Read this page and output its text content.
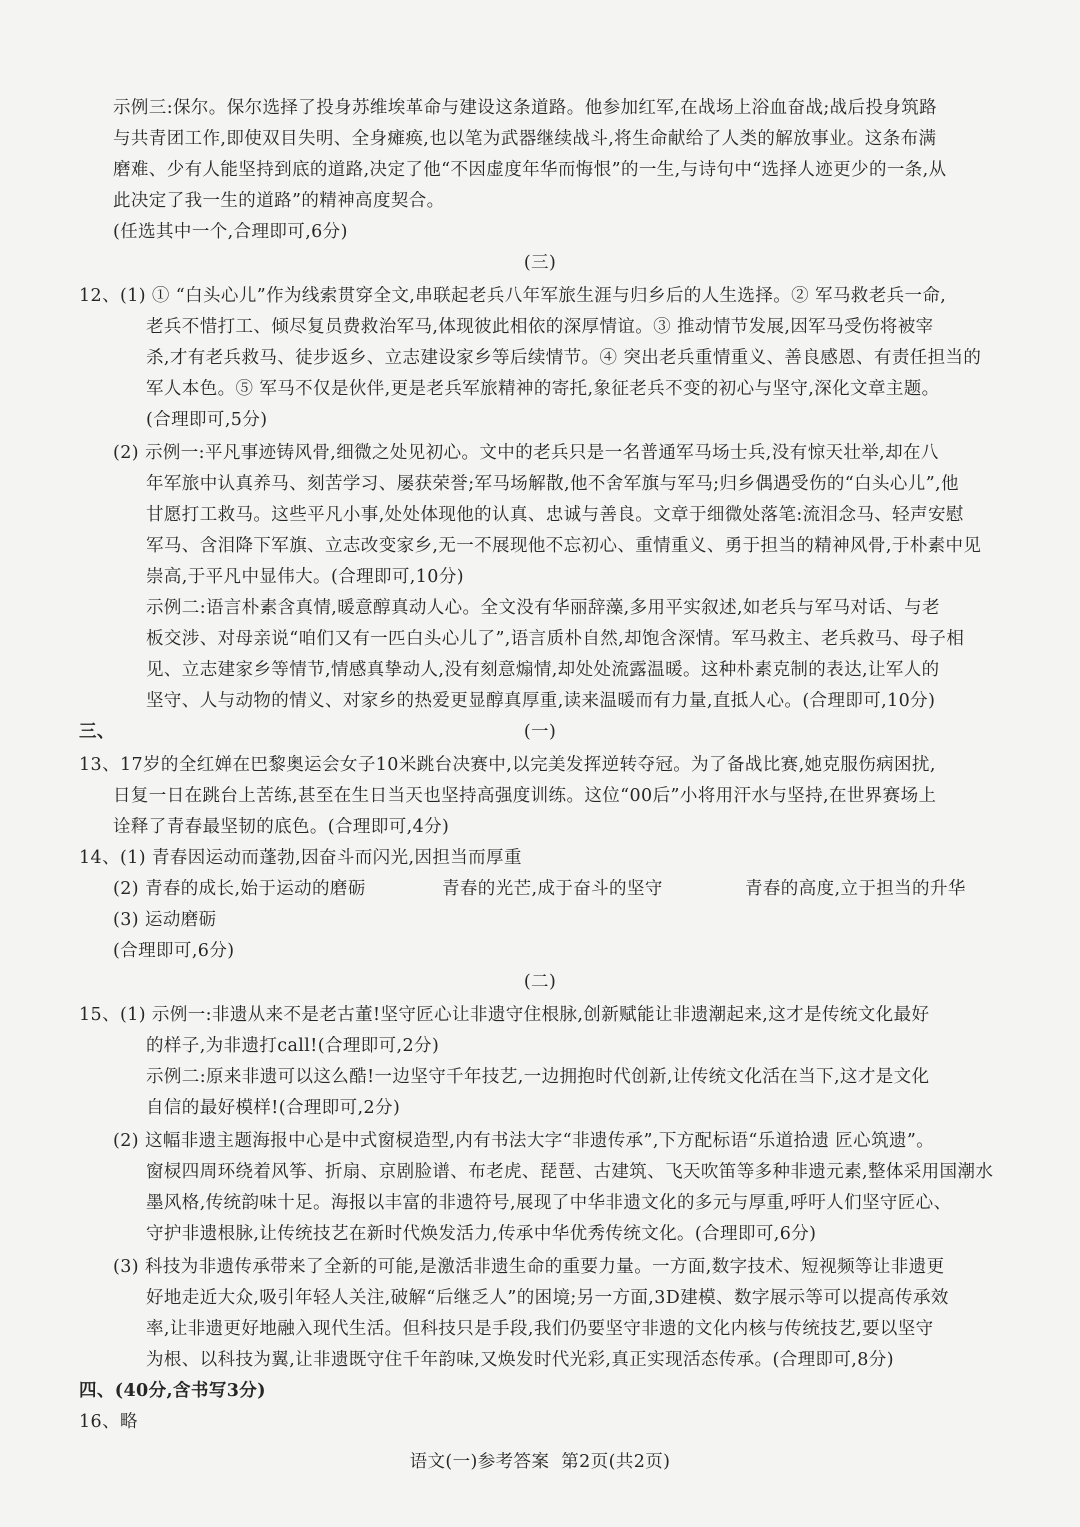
示例三:保尔。保尔选择了投身苏维埃革命与建设这条道路。他参加红军,在战场上浴血奋战;战后投身筑路
与共青团工作,即使双目失明、全身瘫痪,也以笔为武器继续战斗,将生命献给了人类的解放事业。这条布满
磨难、少有人能坚持到底的道路,决定了他“不因虚度年华而悔恨”的一生,与诗句中“选择人迹更少的一条,从
此决定了我一生的道路”的精神高度契合。
(任选其中一个,合理即可,6分)
(三)
12、(1) ① “白头心儿”作为线索贯穿全文,串联起老兵八年军旅生涯与归乡后的人生选择。② 军马救老兵一命,
老兵不惜打工、倾尽复员费救治军马,体现彼此相依的深厚情谊。③ 推动情节发展,因军马受伤将被宰
杀,才有老兵救马、徒步返乡、立志建设家乡等后续情节。④ 突出老兵重情重义、善良感恩、有责任担当的
军人本色。⑤ 军马不仅是伙伴,更是老兵军旅精神的寄托,象征老兵不变的初心与坚守,深化文章主题。
(合理即可,5分)
(2) 示例一:平凡事迹铸风骨,细微之处见初心。文中的老兵只是一名普通军马场士兵,没有惊天壮举,却在八
年军旅中认真养马、刻苦学习、屡获荣誉;军马场解散,他不舍军旗与军马;归乡偶遇受伤的“白头心儿”,他
甘愿打工救马。这些平凡小事,处处体现他的认真、忠诚与善良。文章于细微处落笔:流泪念马、轻声安慰
军马、含泪降下军旗、立志改变家乡,无一不展现他不忘初心、重情重义、勇于担当的精神风骨,于朴素中见
崇高,于平凡中显伟大。(合理即可,10分)
示例二:语言朴素含真情,暖意醇真动人心。全文没有华丽辞藻,多用平实叙述,如老兵与军马对话、与老
板交涉、对母亲说“咱们又有一匹白头心儿了”,语言质朴自然,却饱含深情。军马救主、老兵救马、母子相
见、立志建家乡等情节,情感真挚动人,没有刻意煽情,却处处流露温暖。这种朴素克制的表达,让军人的
坚守、人与动物的情义、对家乡的热爱更显醇真厚重,读来温暖而有力量,直抵人心。(合理即可,10分)
三、	(一)
13、17岁的全红婵在巴黎奥运会女子10米跳台决赛中,以完美发挥逆转夺冠。为了备战比赛,她克服伤病困扰,
日复一日在跳台上苦练,甚至在生日当天也坚持高强度训练。这位“00后”小将用汗水与坚持,在世界赛场上
诠释了青春最坚韧的底色。(合理即可,4分)
14、(1) 青春因运动而蓬勃,因奋斗而闪光,因担当而厚重
(2) 青春的成长,始于运动的磨砺	青春的光芒,成于奋斗的坚守	青春的高度,立于担当的升华
(3) 运动磨砺
(合理即可,6分)
(二)
15、(1) 示例一:非遗从来不是老古董!坚守匠心让非遗守住根脉,创新赋能让非遗潮起来,这才是传统文化最好
的样子,为非遗打call!(合理即可,2分)
示例二:原来非遗可以这么酷!一边坚守千年技艺,一边拥抱时代创新,让传统文化活在当下,这才是文化
自信的最好模样!(合理即可,2分)
(2) 这幅非遗主题海报中心是中式窗棂造型,内有书法大字“非遗传承”,下方配标语“乐道拾遗 匠心筑遗”。
窗棂四周环绕着风筝、折扇、京剧脸谱、布老虎、琵琶、古建筑、飞天吹笛等多种非遗元素,整体采用国潮水
墨风格,传统韵味十足。海报以丰富的非遗符号,展现了中华非遗文化的多元与厚重,呼吁人们坚守匠心、
守护非遗根脉,让传统技艺在新时代焕发活力,传承中华优秀传统文化。(合理即可,6分)
(3) 科技为非遗传承带来了全新的可能,是激活非遗生命的重要力量。一方面,数字技术、短视频等让非遗更
好地走近大众,吸引年轻人关注,破解“后继乏人”的困境;另一方面,3D建模、数字展示等可以提高传承效
率,让非遗更好地融入现代生活。但科技只是手段,我们仍要坚守非遗的文化内核与传统技艺,要以坚守
为根、以科技为翼,让非遗既守住千年韵味,又焕发时代光彩,真正实现活态传承。(合理即可,8分)
四、(40分,含书写3分)
16、略
语文(一)参考答案  第2页(共2页)
